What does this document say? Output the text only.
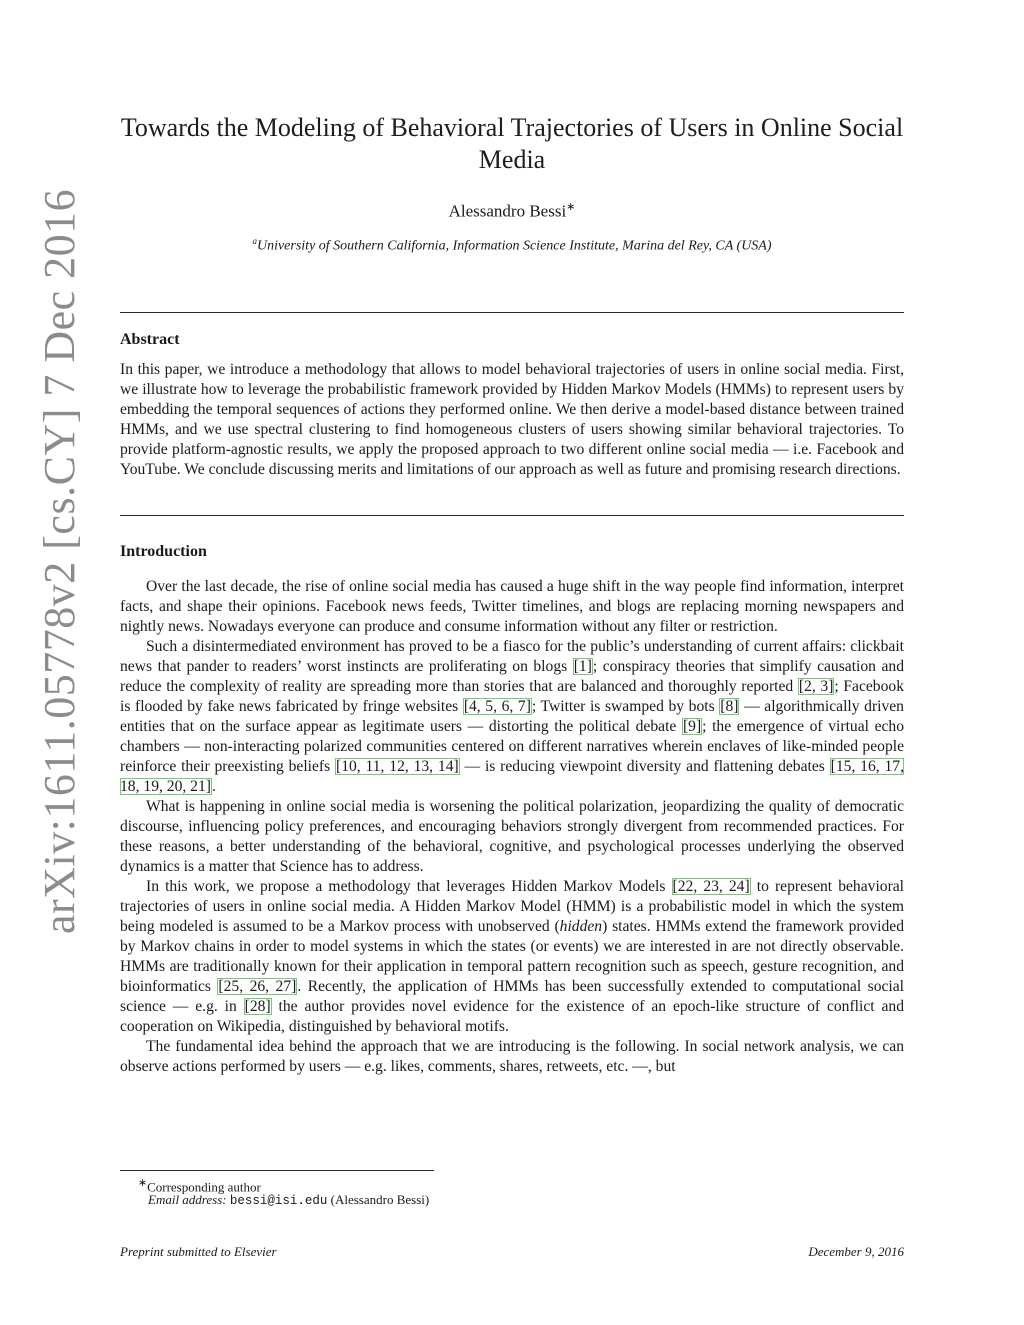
arXiv:1611.05778v2 [cs.CY] 7 Dec 2016
Towards the Modeling of Behavioral Trajectories of Users in Online Social Media
Alessandro Bessi∗
$^a$University of Southern California, Information Science Institute, Marina del Rey, CA (USA)
Abstract

In this paper, we introduce a methodology that allows to model behavioral trajectories of users in online social media. First, we illustrate how to leverage the probabilistic framework provided by Hidden Markov Models (HMMs) to represent users by embedding the temporal sequences of actions they performed online. We then derive a model-based distance between trained HMMs, and we use spectral clustering to find homogeneous clusters of users showing similar behavioral trajectories. To provide platform-agnostic results, we apply the proposed approach to two different online social media — i.e. Facebook and YouTube. We conclude discussing merits and limitations of our approach as well as future and promising research directions.

Introduction

Over the last decade, the rise of online social media has caused a huge shift in the way people find information, interpret facts, and shape their opinions. Facebook news feeds, Twitter timelines, and blogs are replacing morning newspapers and nightly news. Nowadays everyone can produce and consume information without any filter or restriction.

Such a disintermediated environment has proved to be a fiasco for the public’s understanding of current affairs: clickbait news that pander to readers’ worst instincts are proliferating on blogs [1]; conspiracy theories that simplify causation and reduce the complexity of reality are spreading more than stories that are balanced and thoroughly reported [2, 3]; Facebook is flooded by fake news fabricated by fringe websites [4, 5, 6, 7]; Twitter is swamped by bots [8] — algorithmically driven entities that on the surface appear as legitimate users — distorting the political debate [9]; the emergence of virtual echo chambers — non-interacting polarized communities centered on different narratives wherein enclaves of like-minded people reinforce their preexisting beliefs [10, 11, 12, 13, 14] — is reducing viewpoint diversity and flattening debates [15, 16, 17, 18, 19, 20, 21].

What is happening in online social media is worsening the political polarization, jeopardizing the quality of democratic discourse, influencing policy preferences, and encouraging behaviors strongly divergent from recommended practices. For these reasons, a better understanding of the behavioral, cognitive, and psychological processes underlying the observed dynamics is a matter that Science has to address.

In this work, we propose a methodology that leverages Hidden Markov Models [22, 23, 24] to represent behavioral trajectories of users in online social media. A Hidden Markov Model (HMM) is a probabilistic model in which the system being modeled is assumed to be a Markov process with unobserved (hidden) states. HMMs extend the framework provided by Markov chains in order to model systems in which the states (or events) we are interested in are not directly observable. HMMs are traditionally known for their application in temporal pattern recognition such as speech, gesture recognition, and bioinformatics [25, 26, 27]. Recently, the application of HMMs has been successfully extended to computational social science — e.g. in [28] the author provides novel evidence for the existence of an epoch-like structure of conflict and cooperation on Wikipedia, distinguished by behavioral motifs.

The fundamental idea behind the approach that we are introducing is the following. In social network analysis, we can observe actions performed by users — e.g. likes, comments, shares, retweets, etc. —, but

∗Corresponding author
Email address: bessi@isi.edu (Alessandro Bessi)
Preprint submitted to Elsevier	December 9, 2016
